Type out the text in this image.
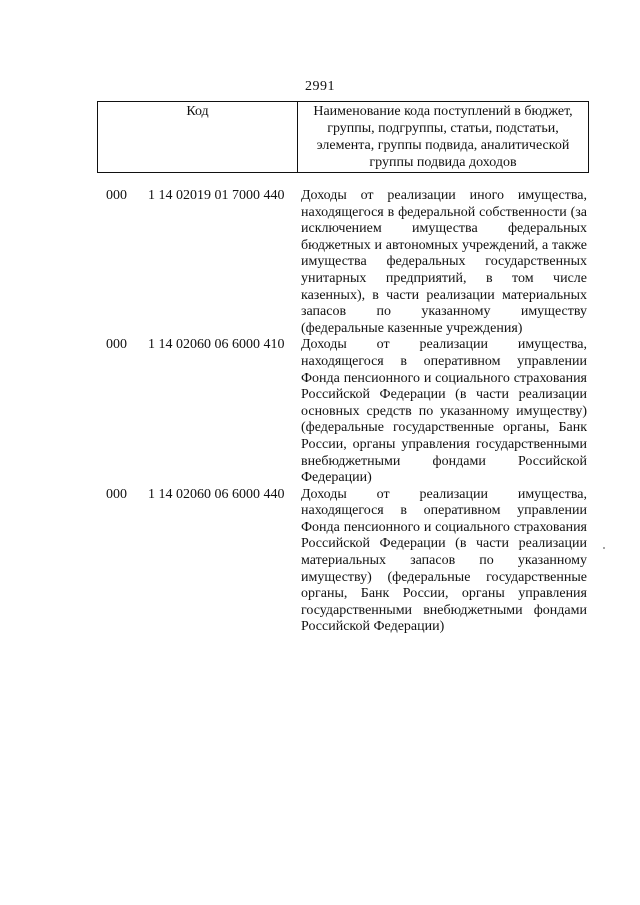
2991
Код	Наименование кода поступлений в бюджет, группы, подгруппы, статьи, подстатьи, элемента, группы подвида, аналитической группы подвида доходов
000 1 14 02019 01 7000 440 Доходы от реализации иного имущества, находящегося в федеральной собственности (за исключением имущества федеральных бюджетных и автономных учреждений, а также имущества федеральных государственных унитарных предприятий, в том числе казенных), в части реализации материальных запасов по указанному имуществу (федеральные казенные учреждения)
000 1 14 02060 06 6000 410 Доходы от реализации имущества, находящегося в оперативном управлении Фонда пенсионного и социального страхования Российской Федерации (в части реализации основных средств по указанному имуществу) (федеральные государственные органы, Банк России, органы управления государственными внебюджетными фондами Российской Федерации)
000 1 14 02060 06 6000 440 Доходы от реализации имущества, находящегося в оперативном управлении Фонда пенсионного и социального страхования Российской Федерации (в части реализации материальных запасов по указанному имуществу) (федеральные государственные органы, Банк России, органы управления государственными внебюджетными фондами Российской Федерации)
